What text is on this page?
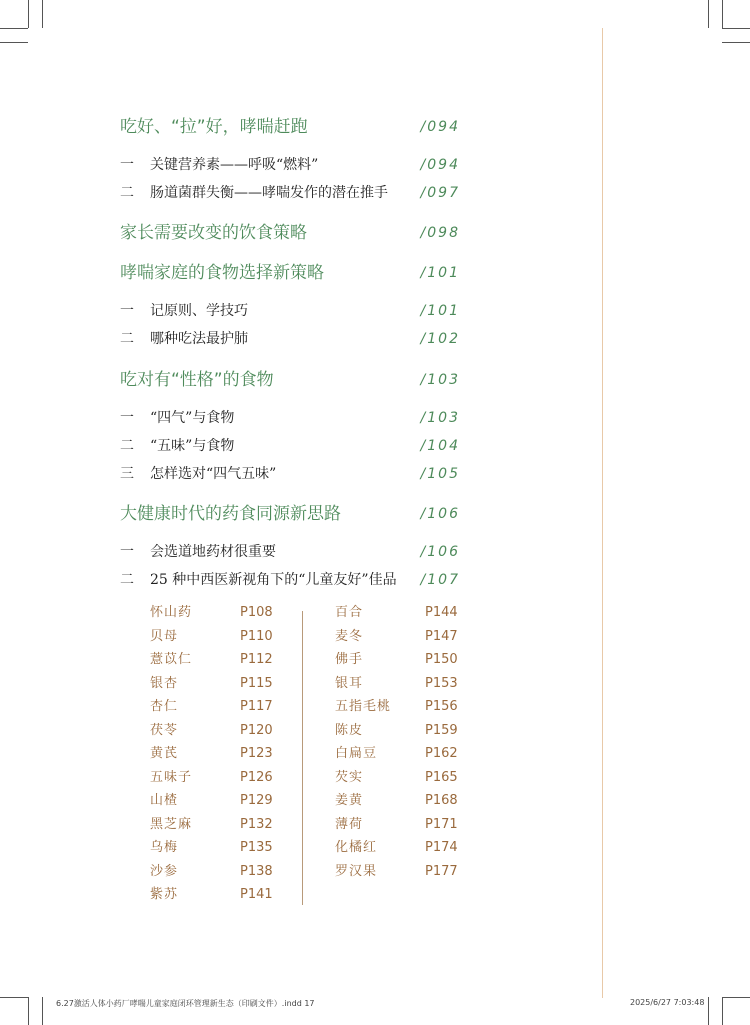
吃好、“拉”好，哮喘赶跑	/094
一 关键营养素——呼吸“燃料”	/094
二 肠道菌群失衡——哮喘发作的潜在推手 /097
家长需要改变的饮食策略	/098
哮喘家庭的食物选择新策略	/101
一 记原则、学技巧	/101
二 哪种吃法最护肺	/102
吃对有“性格”的食物	/103
一 “四气”与食物	/103
二 “五味”与食物	/104
三 怎样选对“四气五味”	/105
大健康时代的药食同源新思路	/106
一 会选道地药材很重要	/106
二 25 种中西医新视角下的“儿童友好”佳品 /107
怀山药	P108
贝母	P110
薏苡仁	P112
银杏	P115
杏仁	P117
茯苓	P120
黄芪	P123
五味子	P126
山楂	P129
黑芝麻	P132
乌梅	P135
沙参	P138
紫苏	P141
百合	P144
麦冬	P147
佛手	P150
银耳	P153
五指毛桃	P156
陈皮	P159
白扁豆	P162
芡实	P165
姜黄	P168
薄荷	P171
化橘红	P174
罗汉果	P177
6.27激活人体小药厂哮喘儿童家庭闭环管理新生态（印刷文件）.indd 17	2025/6/27 7:03:48
